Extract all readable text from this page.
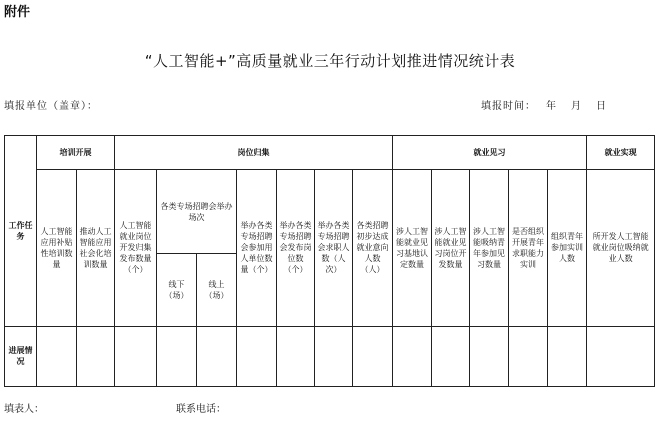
附件
“人工智能+”高质量就业三年行动计划推进情况统计表
填报单位（盖章）：	填报时间： 年 月 日
工作任务	培训开展		岗位归集							就业见习					就业实现
	人工智能应用补贴性培训数量	推动人工智能应用社会化培训数量	人工智能就业岗位开发归集发布数量（个）	各类专场招聘会举办场次		举办各类专场招聘会参加用人单位数量（个）	举办各类专场招聘会发布岗位数（个）	举办各类专场招聘会求职人数（人次）	各类招聘初步达成就业意向人数（人）	涉人工智能就业见习基地认定数量	涉人工智能就业见习岗位开发数量	涉人工智能吸纳青年参加见习数量	是否组织开展青年求职能力实训	组织青年参加实训人数	所开发人工智能就业岗位吸纳就业人数
				线下（场）	线上（场）										
进展情况															
填表人：	联系电话：
